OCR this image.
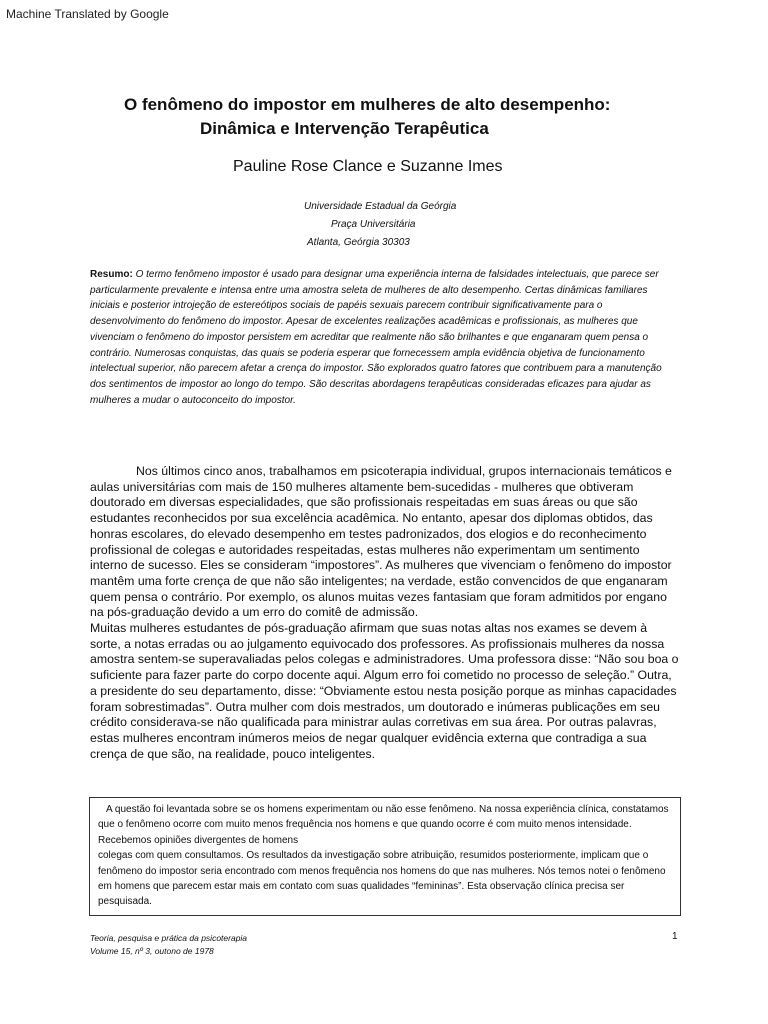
Machine Translated by Google
O fenômeno do impostor em mulheres de alto desempenho:
Dinâmica e Intervenção Terapêutica
Pauline Rose Clance e Suzanne Imes
Universidade Estadual da Geórgia
Praça Universitária
Atlanta, Geórgia 30303

Resumo: O termo fenômeno impostor é usado para designar uma experiência interna de falsidades intelectuais, que parece ser particularmente prevalente e intensa entre uma amostra seleta de mulheres de alto desempenho. Certas dinâmicas familiares iniciais e posterior introjeção de estereótipos sociais de papéis sexuais parecem contribuir significativamente para o desenvolvimento do fenômeno do impostor. Apesar de excelentes realizações acadêmicas e profissionais, as mulheres que vivenciam o fenômeno do impostor persistem em acreditar que realmente não são brilhantes e que enganaram quem pensa o contrário. Numerosas conquistas, das quais se poderia esperar que fornecessem ampla evidência objetiva de funcionamento intelectual superior, não parecem afetar a crença do impostor. São explorados quatro fatores que contribuem para a manutenção dos sentimentos de impostor ao longo do tempo. São descritas abordagens terapêuticas consideradas eficazes para ajudar as mulheres a mudar o autoconceito do impostor.

Nos últimos cinco anos, trabalhamos em psicoterapia individual, grupos internacionais temáticos e aulas universitárias com mais de 150 mulheres altamente bem-sucedidas - mulheres que obtiveram doutorado em diversas especialidades, que são profissionais respeitadas em suas áreas ou que são estudantes reconhecidos por sua excelência acadêmica. No entanto, apesar dos diplomas obtidos, das honras escolares, do elevado desempenho em testes padronizados, dos elogios e do reconhecimento profissional de colegas e autoridades respeitadas, estas mulheres não experimentam um sentimento interno de sucesso. Eles se consideram “impostores”. As mulheres que vivenciam o fenômeno do impostor mantêm uma forte crença de que não são inteligentes; na verdade, estão convencidos de que enganaram quem pensa o contrário. Por exemplo, os alunos muitas vezes fantasiam que foram admitidos por engano na pós-graduação devido a um erro do comitê de admissão.

Muitas mulheres estudantes de pós-graduação afirmam que suas notas altas nos exames se devem à sorte, a notas erradas ou ao julgamento equivocado dos professores. As profissionais mulheres da nossa amostra sentem-se superavaliadas pelos colegas e administradores. Uma professora disse: “Não sou boa o suficiente para fazer parte do corpo docente aqui. Algum erro foi cometido no processo de seleção.” Outra, a presidente do seu departamento, disse: “Obviamente estou nesta posição porque as minhas capacidades foram sobrestimadas”. Outra mulher com dois mestrados, um doutorado e inúmeras publicações em seu crédito considerava-se não qualificada para ministrar aulas corretivas em sua área. Por outras palavras, estas mulheres encontram inúmeros meios de negar qualquer evidência externa que contradiga a sua crença de que são, na realidade, pouco inteligentes.

A questão foi levantada sobre se os homens experimentam ou não esse fenômeno. Na nossa experiência clínica, constatamos que o fenômeno ocorre com muito menos frequência nos homens e que quando ocorre é com muito menos intensidade. Recebemos opiniões divergentes de homens

colegas com quem consultamos. Os resultados da investigação sobre atribuição, resumidos posteriormente, implicam que o fenômeno do impostor seria encontrado com menos frequência nos homens do que nas mulheres. Nós temos notei o fenômeno em homens que parecem estar mais em contato com suas qualidades “femininas”. Esta observação clínica precisa ser pesquisada.

Teoria, pesquisa e prática da psicoterapia
Volume 15, nº 3, outono de 1978
1
